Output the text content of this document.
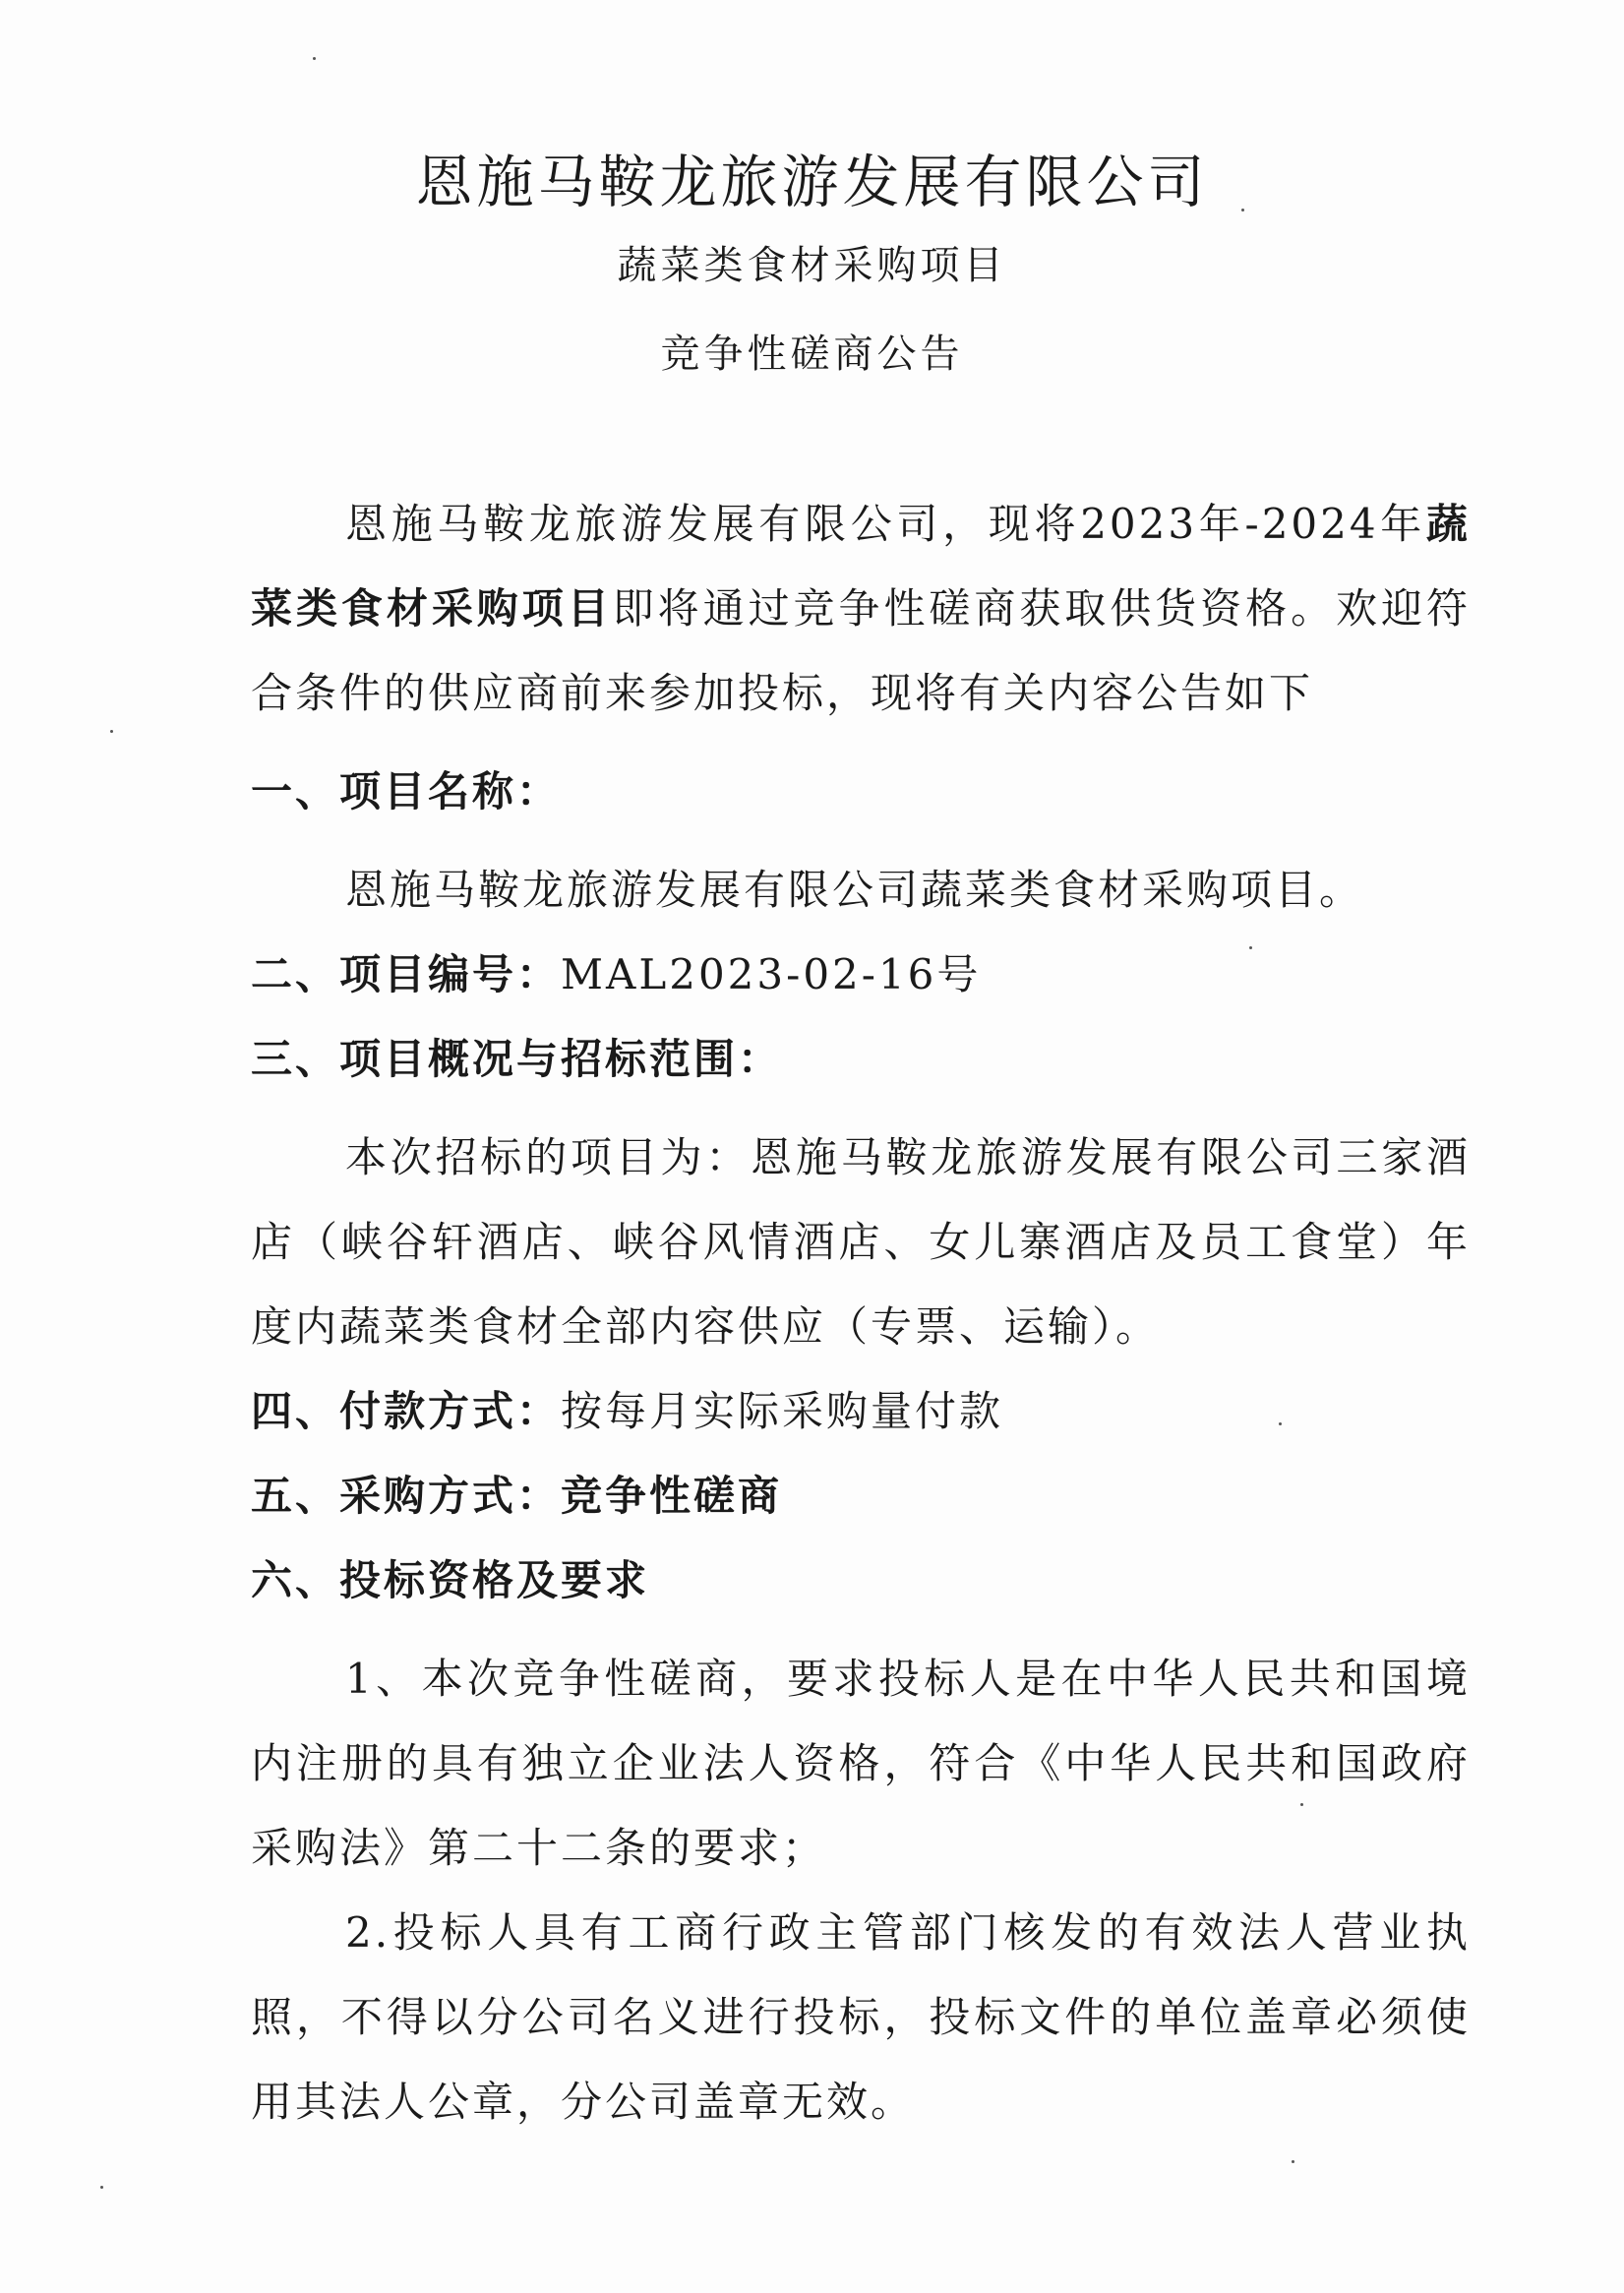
恩施马鞍龙旅游发展有限公司
蔬菜类食材采购项目
竞争性磋商公告

恩施马鞍龙旅游发展有限公司，现将2023年-2024年蔬菜类食材采购项目即将通过竞争性磋商获取供货资格。欢迎符合条件的供应商前来参加投标，现将有关内容公告如下

一、项目名称：

恩施马鞍龙旅游发展有限公司蔬菜类食材采购项目。

二、项目编号：MAL2023-02-16号

三、项目概况与招标范围：

本次招标的项目为：恩施马鞍龙旅游发展有限公司三家酒店（峡谷轩酒店、峡谷风情酒店、女儿寨酒店及员工食堂）年度内蔬菜类食材全部内容供应（专票、运输）。

四、付款方式：按每月实际采购量付款

五、采购方式：竞争性磋商

六、投标资格及要求

1、本次竞争性磋商，要求投标人是在中华人民共和国境内注册的具有独立企业法人资格，符合《中华人民共和国政府采购法》第二十二条的要求；

2.投标人具有工商行政主管部门核发的有效法人营业执照，不得以分公司名义进行投标，投标文件的单位盖章必须使用其法人公章，分公司盖章无效。
